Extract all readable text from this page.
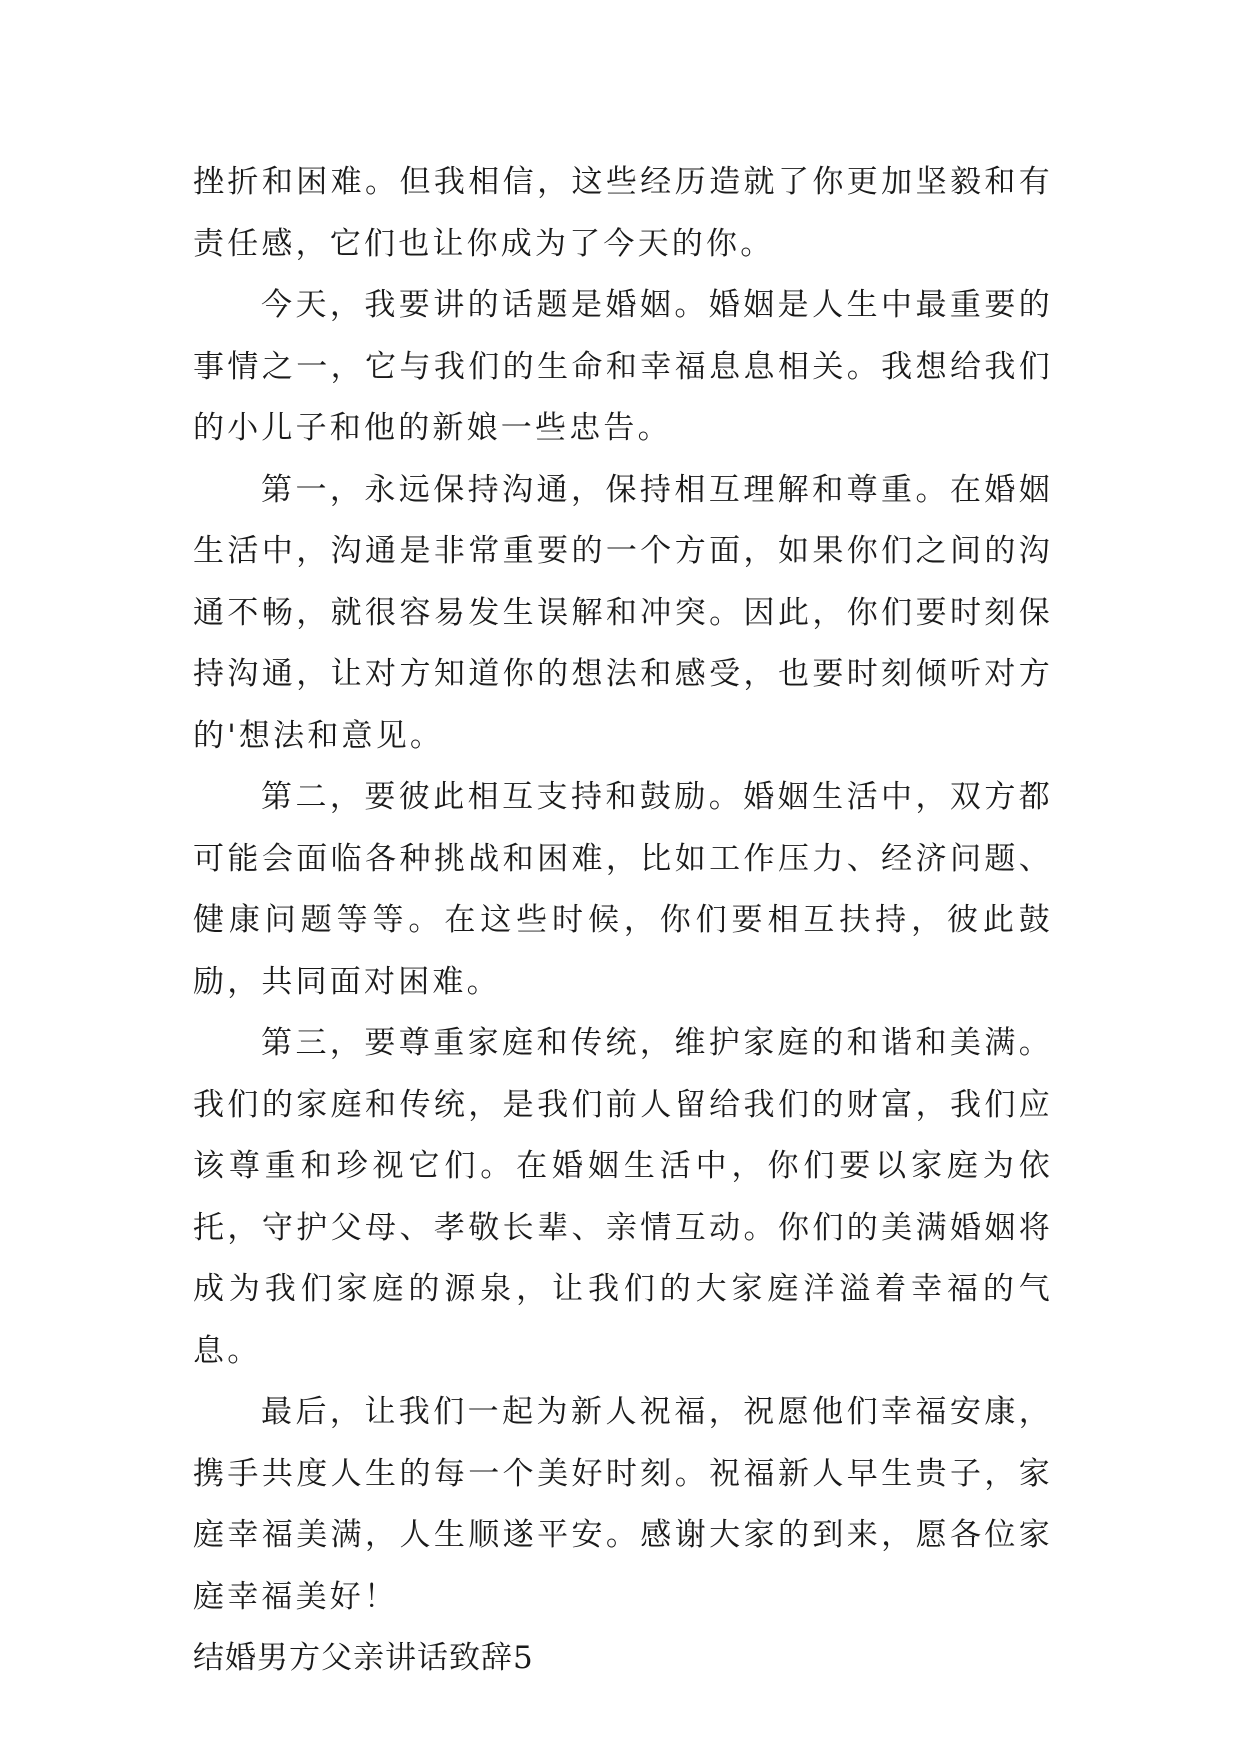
挫折和困难。但我相信，这些经历造就了你更加坚毅和有责任感，它们也让你成为了今天的你。

今天，我要讲的话题是婚姻。婚姻是人生中最重要的事情之一，它与我们的生命和幸福息息相关。我想给我们的小儿子和他的新娘一些忠告。

第一，永远保持沟通，保持相互理解和尊重。在婚姻生活中，沟通是非常重要的一个方面，如果你们之间的沟通不畅，就很容易发生误解和冲突。因此，你们要时刻保持沟通，让对方知道你的想法和感受，也要时刻倾听对方的'想法和意见。

第二，要彼此相互支持和鼓励。婚姻生活中，双方都可能会面临各种挑战和困难，比如工作压力、经济问题、健康问题等等。在这些时候，你们要相互扶持，彼此鼓励，共同面对困难。

第三，要尊重家庭和传统，维护家庭的和谐和美满。我们的家庭和传统，是我们前人留给我们的财富，我们应该尊重和珍视它们。在婚姻生活中，你们要以家庭为依托，守护父母、孝敬长辈、亲情互动。你们的美满婚姻将成为我们家庭的源泉，让我们的大家庭洋溢着幸福的气息。

最后，让我们一起为新人祝福，祝愿他们幸福安康，携手共度人生的每一个美好时刻。祝福新人早生贵子，家庭幸福美满，人生顺遂平安。感谢大家的到来，愿各位家庭幸福美好！

结婚男方父亲讲话致辞5
